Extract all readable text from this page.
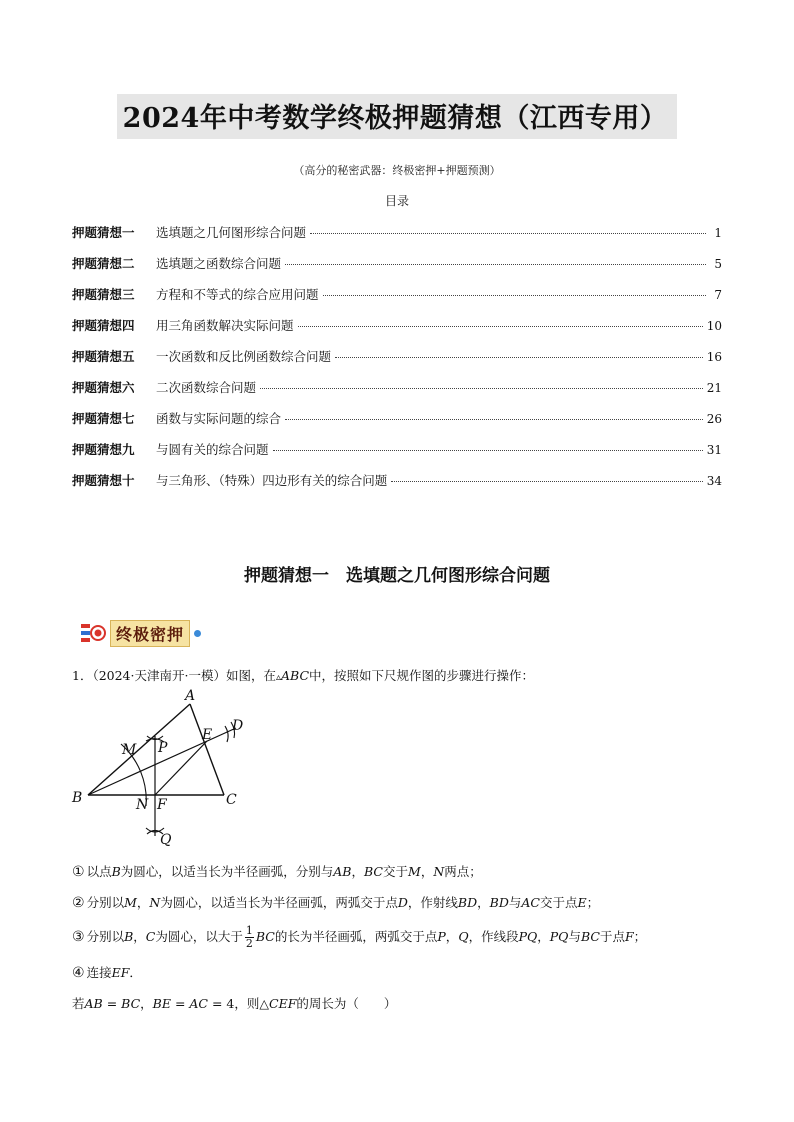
2024年中考数学终极押题猜想（江西专用）
（高分的秘密武器：终极密押+押题预测）
目录
押题猜想一	选填题之几何图形综合问题	1
押题猜想二	选填题之函数综合问题	5
押题猜想三	方程和不等式的综合应用问题	7
押题猜想四	用三角函数解决实际问题	10
押题猜想五	一次函数和反比例函数综合问题	16
押题猜想六	二次函数综合问题	21
押题猜想七	函数与实际问题的综合	26
押题猜想九	与圆有关的综合问题	31
押题猜想十	与三角形、（特殊）四边形有关的综合问题	34
押题猜想一　选填题之几何图形综合问题
终极密押
1．（2024·天津南开·一模）如图，在▵ABC中，按照如下尺规作图的步骤进行操作：
A
B	C
D
E
F
M
N
P
Q
① 以点B为圆心，以适当长为半径画弧，分别与AB，BC交于M，N两点；
② 分别以M，N为圆心，以适当长为半径画弧，两弧交于点D，作射线BD，BD与AC交于点E；
③ 分别以B，C为圆心，以大于 $\frac{1}{2}$ BC的长为半径画弧，两弧交于点P，Q，作线段PQ，PQ与BC于点F；
④ 连接EF．
若AB = BC，BE = AC = 4，则△CEF的周长为（　　）
